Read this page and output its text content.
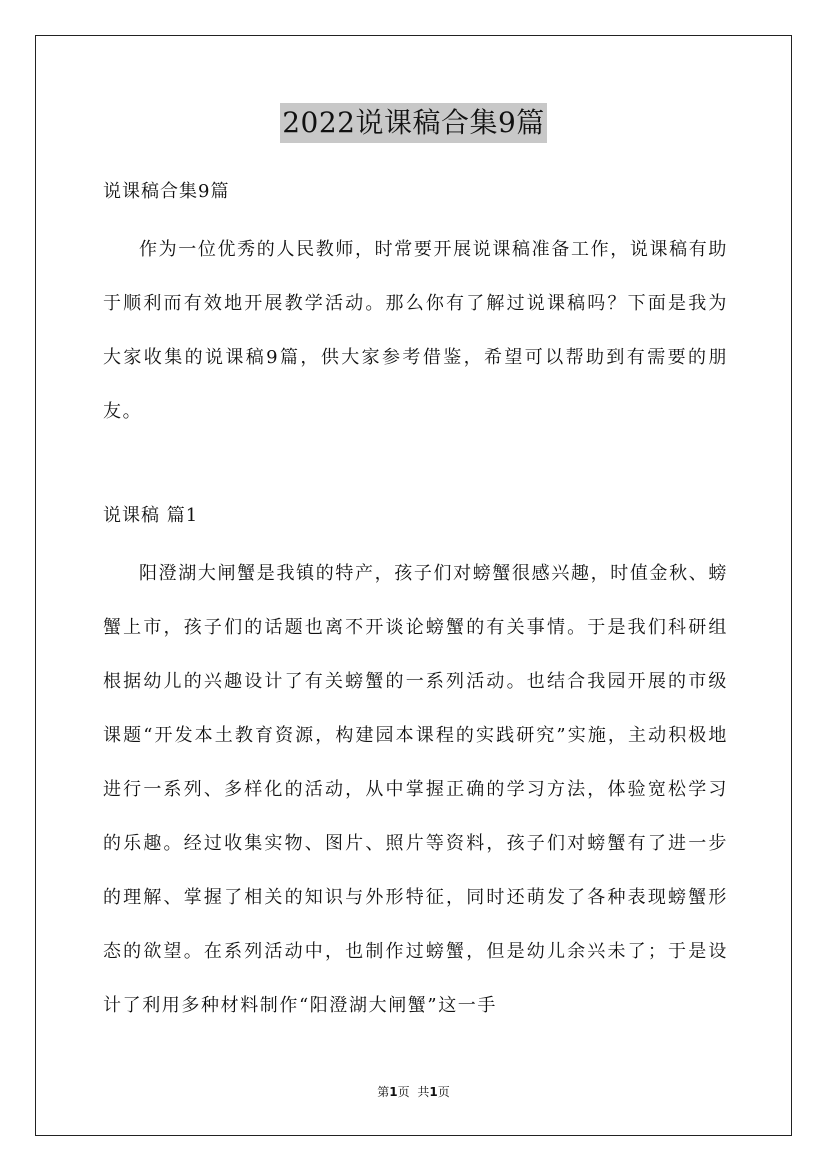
2022说课稿合集9篇

说课稿合集9篇

作为一位优秀的人民教师，时常要开展说课稿准备工作，说课稿有助于顺利而有效地开展教学活动。那么你有了解过说课稿吗？下面是我为大家收集的说课稿9篇，供大家参考借鉴，希望可以帮助到有需要的朋友。

说课稿 篇1

阳澄湖大闸蟹是我镇的特产，孩子们对螃蟹很感兴趣，时值金秋、螃蟹上市，孩子们的话题也离不开谈论螃蟹的有关事情。于是我们科研组根据幼儿的兴趣设计了有关螃蟹的一系列活动。也结合我园开展的市级课题“开发本土教育资源，构建园本课程的实践研究”实施，主动积极地进行一系列、多样化的活动，从中掌握正确的学习方法，体验宽松学习的乐趣。经过收集实物、图片、照片等资料，孩子们对螃蟹有了进一步的理解、掌握了相关的知识与外形特征，同时还萌发了各种表现螃蟹形态的欲望。在系列活动中，也制作过螃蟹，但是幼儿余兴未了；于是设计了利用多种材料制作“阳澄湖大闸蟹”这一手

第1页 共1页
